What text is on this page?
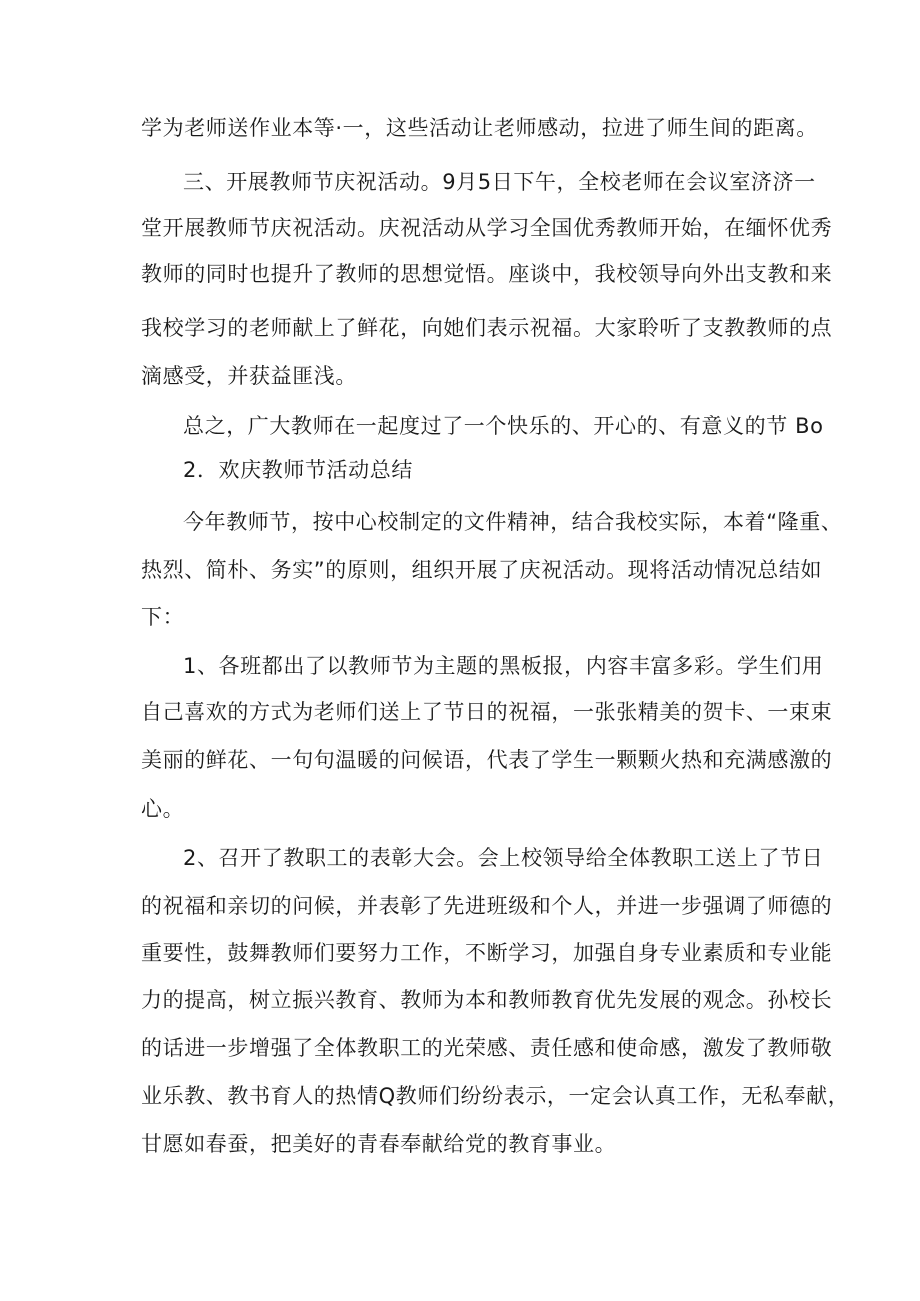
学为老师送作业本等·一，这些活动让老师感动，拉进了师生间的距离。

三、开展教师节庆祝活动。9月5日下午，全校老师在会议室济济一

堂开展教师节庆祝活动。庆祝活动从学习全国优秀教师开始，在缅怀优秀

教师的同时也提升了教师的思想觉悟。座谈中，我校领导向外出支教和来

我校学习的老师献上了鲜花，向她们表示祝福。大家聆听了支教教师的点

滴感受，并获益匪浅。

总之，广大教师在一起度过了一个快乐的、开心的、有意义的节 Bo

2．欢庆教师节活动总结

今年教师节，按中心校制定的文件精神，结合我校实际，本着“隆重、

热烈、简朴、务实”的原则，组织开展了庆祝活动。现将活动情况总结如

下：

1、各班都出了以教师节为主题的黑板报，内容丰富多彩。学生们用

自己喜欢的方式为老师们送上了节日的祝福，一张张精美的贺卡、一束束

美丽的鲜花、一句句温暖的问候语，代表了学生一颗颗火热和充满感激的

心。

2、召开了教职工的表彰大会。会上校领导给全体教职工送上了节日

的祝福和亲切的问候，并表彰了先进班级和个人，并进一步强调了师德的

重要性，鼓舞教师们要努力工作，不断学习，加强自身专业素质和专业能

力的提高，树立振兴教育、教师为本和教师教育优先发展的观念。孙校长

的话进一步增强了全体教职工的光荣感、责任感和使命感，激发了教师敬

业乐教、教书育人的热情Q教师们纷纷表示，一定会认真工作，无私奉献，

甘愿如春蚕，把美好的青春奉献给党的教育事业。
